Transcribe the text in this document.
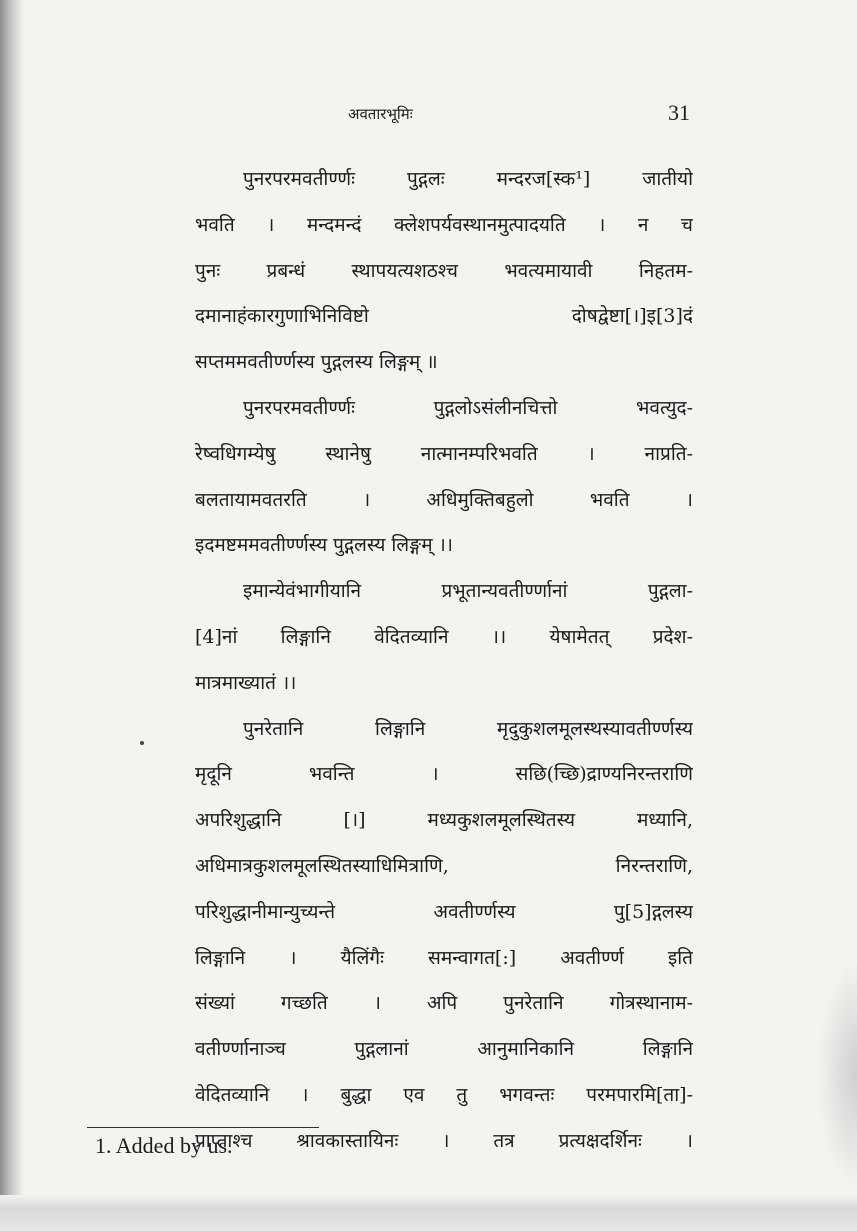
अवतारभूमिः	31
पुनरपरमवतीर्ण्णः पुद्गलः मन्दरज[स्क¹] जातीयो
भवति । मन्दमन्दं क्लेशपर्यवस्थानमुत्पादयति । न च
पुनः प्रबन्धं स्थापयत्यशठश्च भवत्यमायावी निहतम-
दमानाहंकारगुणाभिनिविष्टो दोषद्वेष्टा[।]इ[3]दं
सप्तममवतीर्ण्णस्य पुद्गलस्य लिङ्गम् ॥
पुनरपरमवतीर्ण्णः पुद्गलोऽसंलीनचित्तो भवत्युद-
रेष्वधिगम्येषु स्थानेषु नात्मानम्परिभवति । नाप्रति-
बलतायामवतरति । अधिमुक्तिबहुलो भवति ।
इदमष्टममवतीर्ण्णस्य पुद्गलस्य लिङ्गम् ।।
इमान्येवंभागीयानि प्रभूतान्यवतीर्ण्णानां पुद्गला-
[4]नां लिङ्गानि वेदितव्यानि ।। येषामेतत् प्रदेश-
मात्रमाख्यातं ।।
पुनरेतानि लिङ्गानि मृदुकुशलमूलस्थस्यावतीर्ण्णस्य
मृदूनि भवन्ति । सछि(च्छि)द्राण्यनिरन्तराणि
अपरिशुद्धानि [।] मध्यकुशलमूलस्थितस्य मध्यानि,
अधिमात्रकुशलमूलस्थितस्याधिमित्राणि, निरन्तराणि,
परिशुद्धानीमान्युच्यन्ते अवतीर्ण्णस्य पु[5]द्गलस्य
लिङ्गानि । यैलिंगैः समन्वागत[:] अवतीर्ण्ण इति
संख्यां गच्छति । अपि पुनरेतानि गोत्रस्थानाम-
वतीर्ण्णानाञ्च पुद्गलानां आनुमानिकानि लिङ्गानि
वेदितव्यानि । बुद्धा एव तु भगवन्तः परमपारमि[ता]-
प्राप्ताश्च श्रावकास्तायिनः । तत्र प्रत्यक्षदर्शिनः ।
1. Added by us.
